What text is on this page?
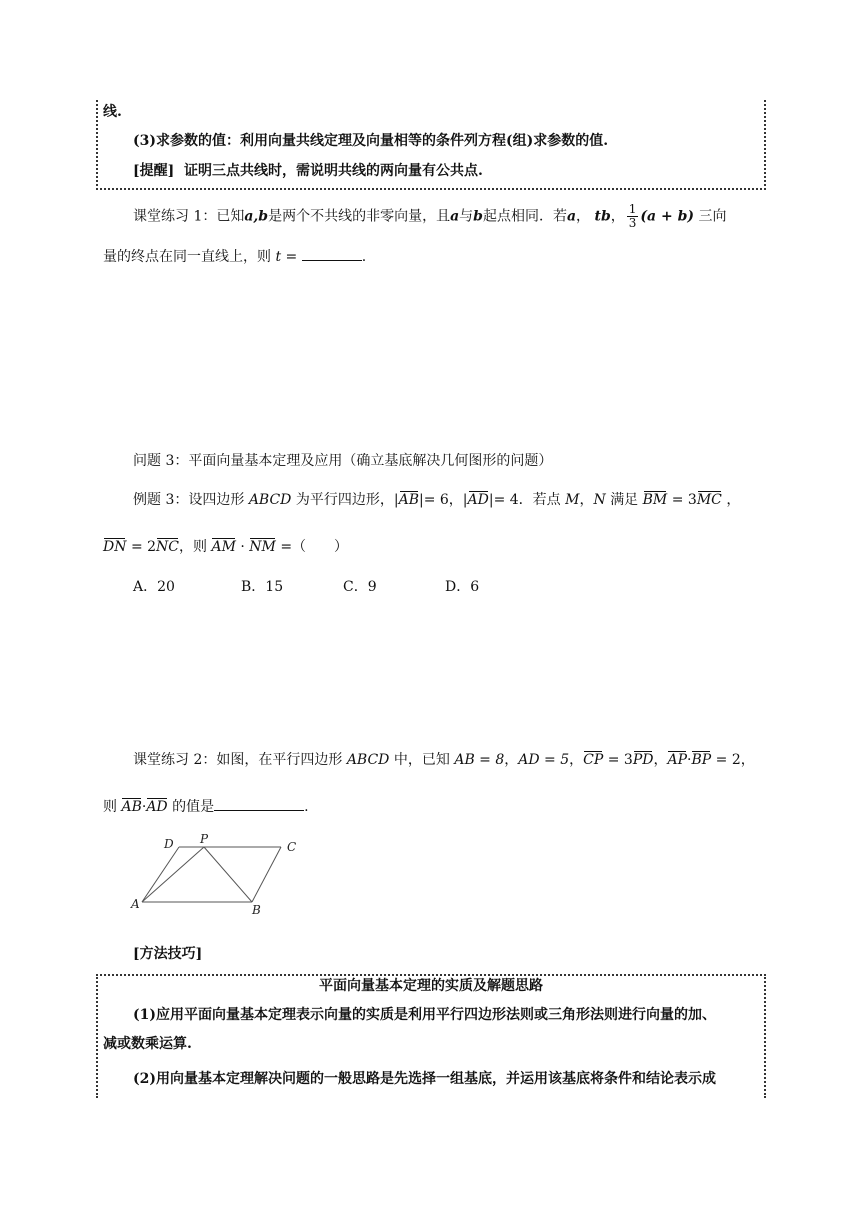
线.
(3)求参数的值：利用向量共线定理及向量相等的条件列方程(组)求参数的值.
[提醒] 证明三点共线时，需说明共线的两向量有公共点.
课堂练习 1：已知a,b是两个不共线的非零向量，且a与b起点相同．若a， tb， $\frac{1}{3} (a + b)$ 三向
量的终点在同一直线上，则 t =	.
问题 3：平面向量基本定理及应用（确立基底解决几何图形的问题）
例题 3：设四边形 ABCD 为平行四边形，|AB|= 6，|AD|= 4．若点 M，N 满足 BM = 3MC ，
DN = 2NC，则 AM · NM =（　　）
A．20	B．15	C．9	D．6
课堂练习 2：如图，在平行四边形 ABCD 中，已知 AB = 8，AD = 5，CP = 3PD，AP·BP = 2，
则 AB·AD 的值是	.
D P
C
A	B
[方法技巧]
平面向量基本定理的实质及解题思路
(1)应用平面向量基本定理表示向量的实质是利用平行四边形法则或三角形法则进行向量的加、
减或数乘运算.
(2)用向量基本定理解决问题的一般思路是先选择一组基底，并运用该基底将条件和结论表示成
